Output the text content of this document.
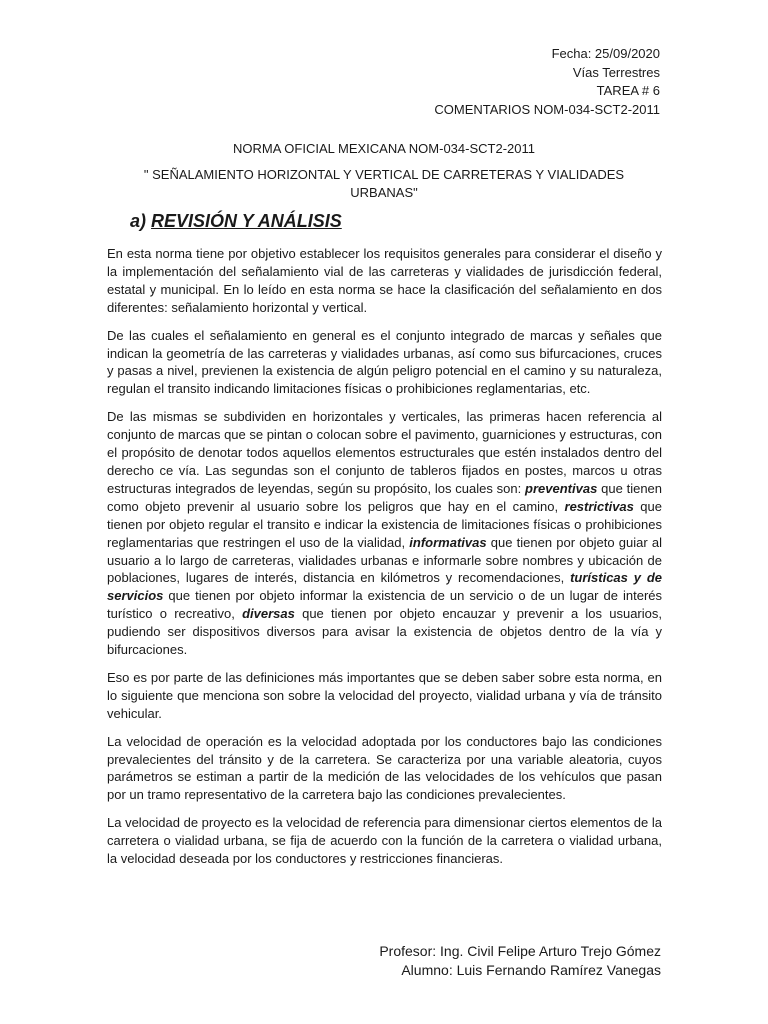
Fecha: 25/09/2020
Vías Terrestres
TAREA # 6
COMENTARIOS NOM-034-SCT2-2011
NORMA OFICIAL MEXICANA NOM-034-SCT2-2011
" SEÑALAMIENTO HORIZONTAL Y VERTICAL DE CARRETERAS Y VIALIDADES URBANAS"
a) REVISIÓN Y ANÁLISIS

En esta norma tiene por objetivo establecer los requisitos generales para considerar el diseño y la implementación del señalamiento vial de las carreteras y vialidades de jurisdicción federal, estatal y municipal. En lo leído en esta norma se hace la clasificación del señalamiento en dos diferentes: señalamiento horizontal y vertical.

De las cuales el señalamiento en general es el conjunto integrado de marcas y señales que indican la geometría de las carreteras y vialidades urbanas, así como sus bifurcaciones, cruces y pasas a nivel, previenen la existencia de algún peligro potencial en el camino y su naturaleza, regulan el transito indicando limitaciones físicas o prohibiciones reglamentarias, etc.

De las mismas se subdividen en horizontales y verticales, las primeras hacen referencia al conjunto de marcas que se pintan o colocan sobre el pavimento, guarniciones y estructuras, con el propósito de denotar todos aquellos elementos estructurales que estén instalados dentro del derecho ce vía. Las segundas son el conjunto de tableros fijados en postes, marcos u otras estructuras integrados de leyendas, según su propósito, los cuales son: preventivas que tienen como objeto prevenir al usuario sobre los peligros que hay en el camino, restrictivas que tienen por objeto regular el transito e indicar la existencia de limitaciones físicas o prohibiciones reglamentarias que restringen el uso de la vialidad, informativas que tienen por objeto guiar al usuario a lo largo de carreteras, vialidades urbanas e informarle sobre nombres y ubicación de poblaciones, lugares de interés, distancia en kilómetros y recomendaciones, turísticas y de servicios que tienen por objeto informar la existencia de un servicio o de un lugar de interés turístico o recreativo, diversas que tienen por objeto encauzar y prevenir a los usuarios, pudiendo ser dispositivos diversos para avisar la existencia de objetos dentro de la vía y bifurcaciones.

Eso es por parte de las definiciones más importantes que se deben saber sobre esta norma, en lo siguiente que menciona son sobre la velocidad del proyecto, vialidad urbana y vía de tránsito vehicular.

La velocidad de operación es la velocidad adoptada por los conductores bajo las condiciones prevalecientes del tránsito y de la carretera. Se caracteriza por una variable aleatoria, cuyos parámetros se estiman a partir de la medición de las velocidades de los vehículos que pasan por un tramo representativo de la carretera bajo las condiciones prevalecientes.

La velocidad de proyecto es la velocidad de referencia para dimensionar ciertos elementos de la carretera o vialidad urbana, se fija de acuerdo con la función de la carretera o vialidad urbana, la velocidad deseada por los conductores y restricciones financieras.

Profesor: Ing. Civil Felipe Arturo Trejo Gómez
Alumno: Luis Fernando Ramírez Vanegas
